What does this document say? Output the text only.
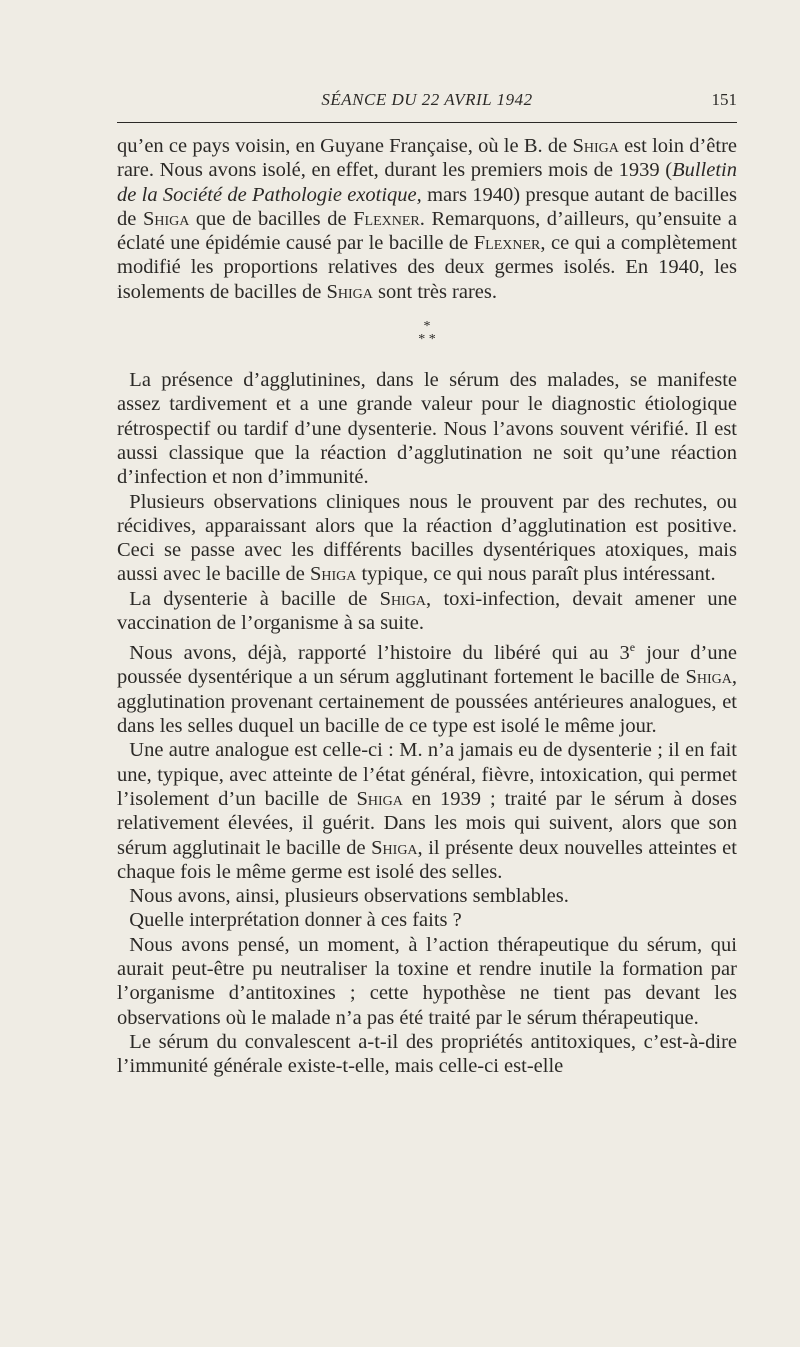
SÉANCE DU 22 AVRIL 1942	151

qu’en ce pays voisin, en Guyane Française, où le B. de Shiga est loin d’être rare. Nous avons isolé, en effet, durant les premiers mois de 1939 (Bulletin de la Société de Pathologie exotique, mars 1940) presque autant de bacilles de Shiga que de bacilles de Flexner. Remarquons, d’ailleurs, qu’ensuite a éclaté une épidémie causé par le bacille de Flexner, ce qui a complètement modifié les proportions relatives des deux germes isolés. En 1940, les isolements de bacilles de Shiga sont très rares.

*
* *

La présence d’agglutinines, dans le sérum des malades, se manifeste assez tardivement et a une grande valeur pour le diagnostic étiologique rétrospectif ou tardif d’une dysenterie. Nous l’avons souvent vérifié. Il est aussi classique que la réaction d’agglutination ne soit qu’une réaction d’infection et non d’immunité.

Plusieurs observations cliniques nous le prouvent par des rechutes, ou récidives, apparaissant alors que la réaction d’agglutination est positive. Ceci se passe avec les différents bacilles dysentériques atoxiques, mais aussi avec le bacille de Shiga typique, ce qui nous paraît plus intéressant.

La dysenterie à bacille de Shiga, toxi-infection, devait amener une vaccination de l’organisme à sa suite.

Nous avons, déjà, rapporté l’histoire du libéré qui au 3e jour d’une poussée dysentérique a un sérum agglutinant fortement le bacille de Shiga, agglutination provenant certainement de poussées antérieures analogues, et dans les selles duquel un bacille de ce type est isolé le même jour.

Une autre analogue est celle-ci : M. n’a jamais eu de dysenterie ; il en fait une, typique, avec atteinte de l’état général, fièvre, intoxication, qui permet l’isolement d’un bacille de Shiga en 1939 ; traité par le sérum à doses relativement élevées, il guérit. Dans les mois qui suivent, alors que son sérum agglutinait le bacille de Shiga, il présente deux nouvelles atteintes et chaque fois le même germe est isolé des selles.

Nous avons, ainsi, plusieurs observations semblables.

Quelle interprétation donner à ces faits ?

Nous avons pensé, un moment, à l’action thérapeutique du sérum, qui aurait peut-être pu neutraliser la toxine et rendre inutile la formation par l’organisme d’antitoxines ; cette hypothèse ne tient pas devant les observations où le malade n’a pas été traité par le sérum thérapeutique.

Le sérum du convalescent a-t-il des propriétés antitoxiques, c’est-à-dire l’immunité générale existe-t-elle, mais celle-ci est-elle
